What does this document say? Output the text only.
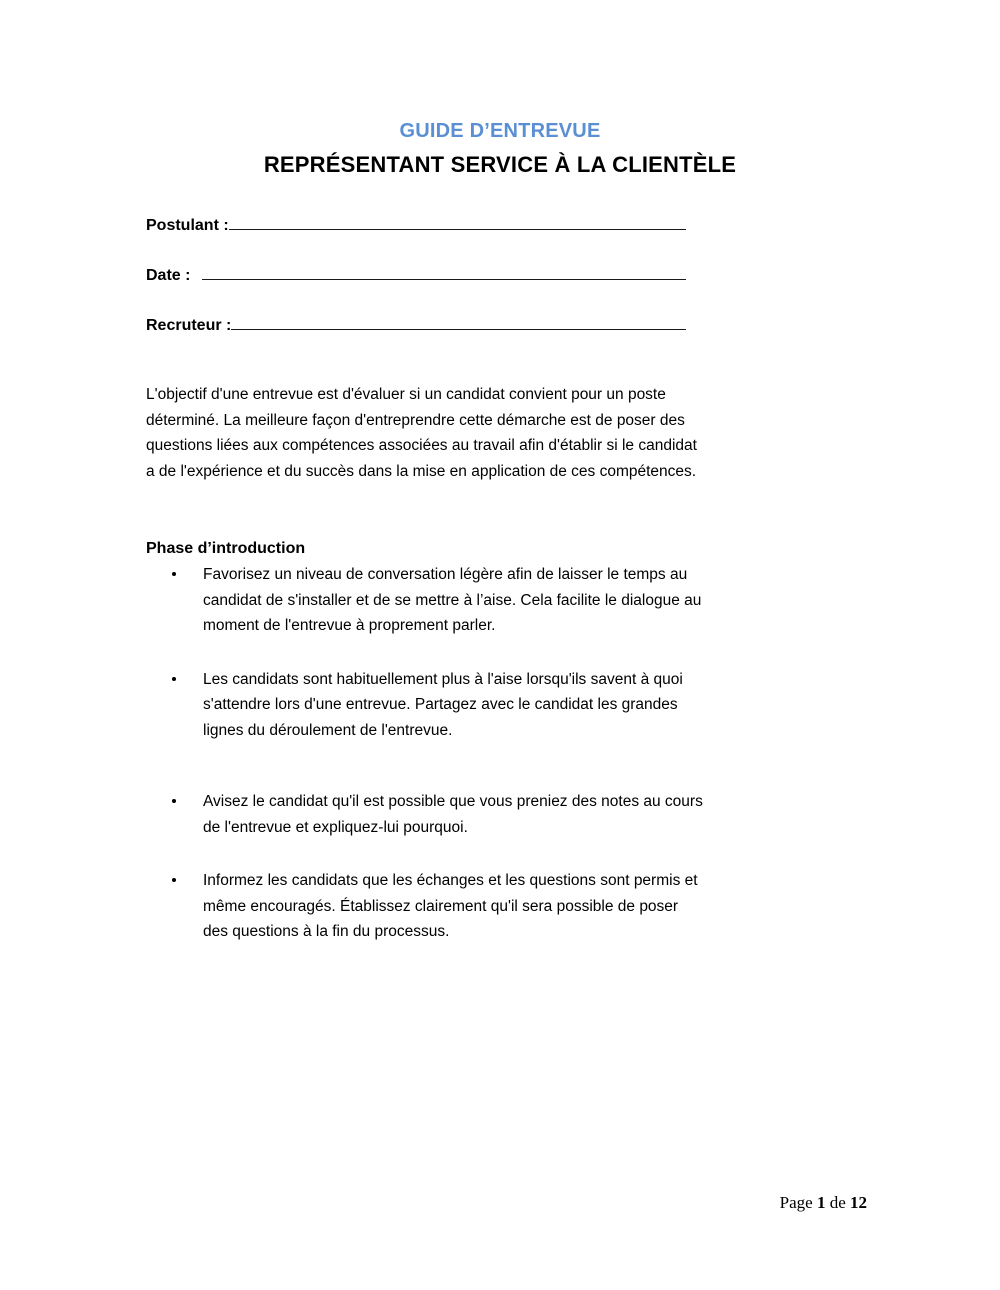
GUIDE D’ENTREVUE
REPRÉSENTANT SERVICE À LA CLIENTÈLE
Postulant :
Date :
Recruteur :

L'objectif d'une entrevue est d'évaluer si un candidat convient pour un poste déterminé. La meilleure façon d'entreprendre cette démarche est de poser des questions liées aux compétences associées au travail afin d'établir si le candidat a de l'expérience et du succès dans la mise en application de ces compétences.

Phase d’introduction
Favorisez un niveau de conversation légère afin de laisser le temps au candidat de s'installer et de se mettre à l’aise. Cela facilite le dialogue au moment de l'entrevue à proprement parler.
Les candidats sont habituellement plus à l'aise lorsqu'ils savent à quoi s'attendre lors d'une entrevue. Partagez avec le candidat les grandes lignes du déroulement de l'entrevue.
Avisez le candidat qu'il est possible que vous preniez des notes au cours de l'entrevue et expliquez-lui pourquoi.
Informez les candidats que les échanges et les questions sont permis et même encouragés. Établissez clairement qu'il sera possible de poser des questions à la fin du processus.
Page 1 de 12
